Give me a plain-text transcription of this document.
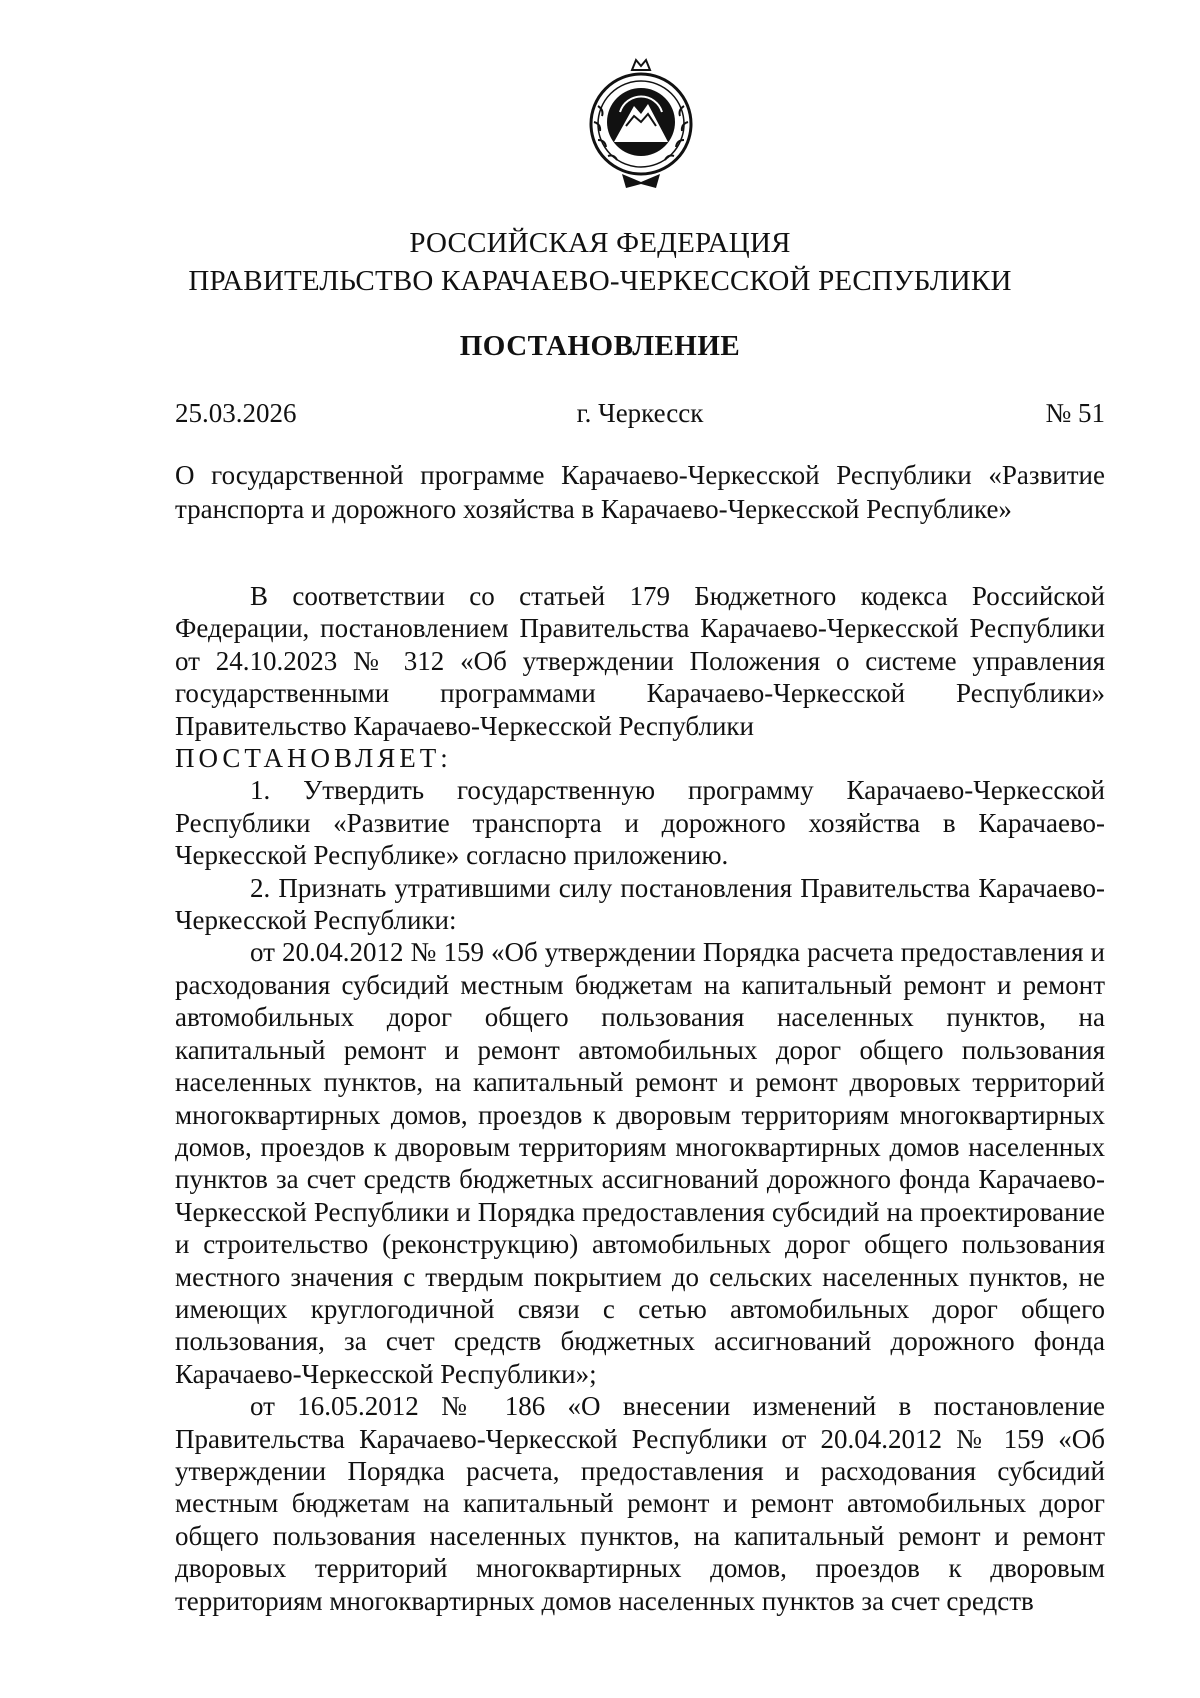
РОССИЙСКАЯ ФЕДЕРАЦИЯ
ПРАВИТЕЛЬСТВО КАРАЧАЕВО-ЧЕРКЕССКОЙ РЕСПУБЛИКИ
ПОСТАНОВЛЕНИЕ
25.03.2026	г. Черкесск	№ 51
О государственной программе Карачаево-Черкесской Республики «Развитие транспорта и дорожного хозяйства в Карачаево-Черкесской Республике»

В соответствии со статьей 179 Бюджетного кодекса Российской Федерации, постановлением Правительства Карачаево-Черкесской Республики от 24.10.2023 № 312 «Об утверждении Положения о системе управления государственными программами Карачаево-Черкесской Республики» Правительство Карачаево-Черкесской Республики

ПОСТАНОВЛЯЕТ:

1. Утвердить государственную программу Карачаево-Черкесской Республики «Развитие транспорта и дорожного хозяйства в Карачаево-Черкесской Республике» согласно приложению.

2. Признать утратившими силу постановления Правительства Карачаево-Черкесской Республики:

от 20.04.2012 № 159 «Об утверждении Порядка расчета предоставления и расходования субсидий местным бюджетам на капитальный ремонт и ремонт автомобильных дорог общего пользования населенных пунктов, на капитальный ремонт и ремонт автомобильных дорог общего пользования населенных пунктов, на капитальный ремонт и ремонт дворовых территорий многоквартирных домов, проездов к дворовым территориям многоквартирных домов, проездов к дворовым территориям многоквартирных домов населенных пунктов за счет средств бюджетных ассигнований дорожного фонда Карачаево-Черкесской Республики и Порядка предоставления субсидий на проектирование и строительство (реконструкцию) автомобильных дорог общего пользования местного значения с твердым покрытием до сельских населенных пунктов, не имеющих круглогодичной связи с сетью автомобильных дорог общего пользования, за счет средств бюджетных ассигнований дорожного фонда Карачаево-Черкесской Республики»;

от 16.05.2012 № 186 «О внесении изменений в постановление Правительства Карачаево-Черкесской Республики от 20.04.2012 № 159 «Об утверждении Порядка расчета, предоставления и расходования субсидий местным бюджетам на капитальный ремонт и ремонт автомобильных дорог общего пользования населенных пунктов, на капитальный ремонт и ремонт дворовых территорий многоквартирных домов, проездов к дворовым территориям многоквартирных домов населенных пунктов за счет средств
